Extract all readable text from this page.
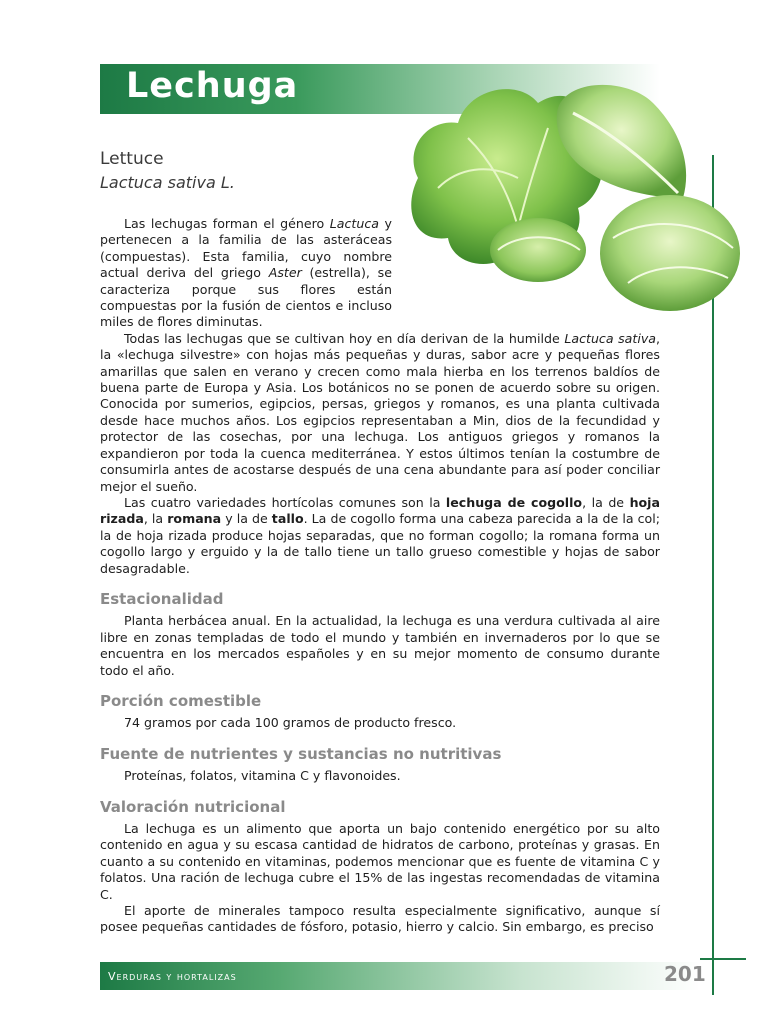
Lechuga
Lettuce
Lactuca sativa L.

Las lechugas forman el género Lactuca y pertenecen a la familia de las asteráceas (compuestas). Esta familia, cuyo nombre actual deriva del griego Aster (estrella), se caracteriza porque sus flores están compuestas por la fusión de cientos e incluso miles de flores diminutas.

Todas las lechugas que se cultivan hoy en día derivan de la humilde Lactuca sativa, la «lechuga silvestre» con hojas más pequeñas y duras, sabor acre y pequeñas flores amarillas que salen en verano y crecen como mala hierba en los terrenos baldíos de buena parte de Europa y Asia. Los botánicos no se ponen de acuerdo sobre su origen. Conocida por sumerios, egipcios, persas, griegos y romanos, es una planta cultivada desde hace muchos años. Los egipcios representaban a Min, dios de la fecundidad y protector de las cosechas, por una lechuga. Los antiguos griegos y romanos la expandieron por toda la cuenca mediterránea. Y estos últimos tenían la costumbre de consumirla antes de acostarse después de una cena abundante para así poder conciliar mejor el sueño.

Las cuatro variedades hortícolas comunes son la lechuga de cogollo, la de hoja rizada, la romana y la de tallo. La de cogollo forma una cabeza parecida a la de la col; la de hoja rizada produce hojas separadas, que no forman cogollo; la romana forma un cogollo largo y erguido y la de tallo tiene un tallo grueso comestible y hojas de sabor desagradable.

Estacionalidad

Planta herbácea anual. En la actualidad, la lechuga es una verdura cultivada al aire libre en zonas templadas de todo el mundo y también en invernaderos por lo que se encuentra en los mercados españoles y en su mejor momento de consumo durante todo el año.

Porción comestible

74 gramos por cada 100 gramos de producto fresco.

Fuente de nutrientes y sustancias no nutritivas

Proteínas, folatos, vitamina C y flavonoides.

Valoración nutricional

La lechuga es un alimento que aporta un bajo contenido energético por su alto contenido en agua y su escasa cantidad de hidratos de carbono, proteínas y grasas. En cuanto a su contenido en vitaminas, podemos mencionar que es fuente de vitamina C y folatos. Una ración de lechuga cubre el 15% de las ingestas recomendadas de vitamina C.

El aporte de minerales tampoco resulta especialmente significativo, aunque sí posee pequeñas cantidades de fósforo, potasio, hierro y calcio. Sin embargo, es preciso

Verduras y hortalizas	201
